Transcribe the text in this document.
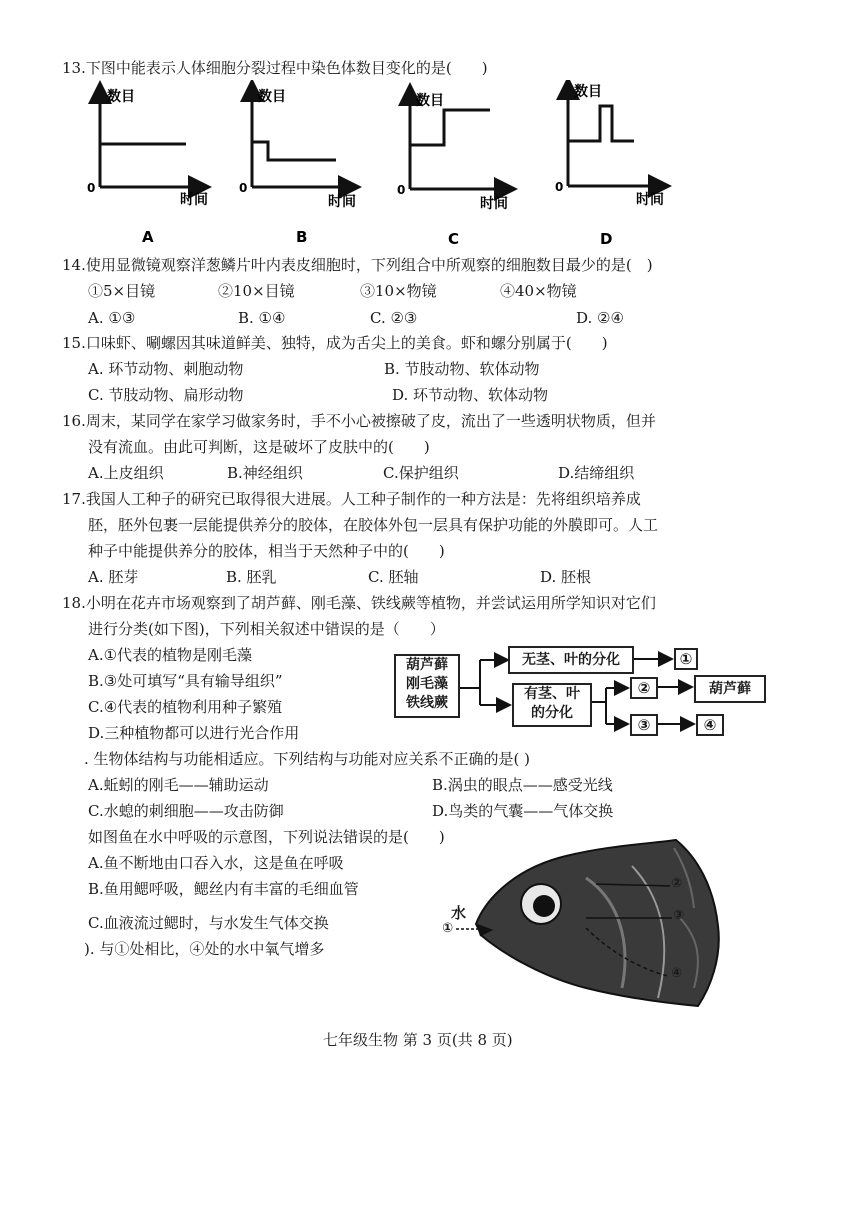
13.下图中能表示人体细胞分裂过程中染色体数目变化的是(　　)
数目
0
时间
A
数目
0
时间
B
数目
0
时间
C
数目
0
时间
D
14.使用显微镜观察洋葱鳞片叶内表皮细胞时，下列组合中所观察的细胞数目最少的是(　)
①5×目镜	②10×目镜	③10×物镜	④40×物镜
A. ①③	B. ①④	C. ②③	D. ②④
15.口味虾、唰螺因其味道鲜美、独特，成为舌尖上的美食。虾和螺分别属于(　　)
A. 环节动物、刺胞动物	B. 节肢动物、软体动物
C. 节肢动物、扁形动物	D. 环节动物、软体动物
16.周末，某同学在家学习做家务时，手不小心被擦破了皮，流出了一些透明状物质，但并
没有流血。由此可判断，这是破坏了皮肤中的(　　)
A.上皮组织	B.神经组织	C.保护组织	D.结缔组织
17.我国人工种子的研究已取得很大进展。人工种子制作的一种方法是：先将组织培养成
胚，胚外包裹一层能提供养分的胶体，在胶体外包一层具有保护功能的外膜即可。人工
种子中能提供养分的胶体，相当于天然种子中的(　　)
A. 胚芽	B. 胚乳	C. 胚轴	D. 胚根
18.小明在花卉市场观察到了胡芦藓、刚毛藻、铁线蕨等植物，并尝试运用所学知识对它们
进行分类(如下图)，下列相关叙述中错误的是（　　）
A.①代表的植物是刚毛藻
B.③处可填写“具有输导组织”
C.④代表的植物利用种子繁殖
D.三种植物都可以进行光合作用
葫芦藓
刚毛藻
铁线蕨
无茎、叶的分化
有茎、叶
的分化
①
②
③	④
葫芦藓
. 生物体结构与功能相适应。下列结构与功能对应关系不正确的是( )
A.蚯蚓的刚毛——辅助运动	B.涡虫的眼点——感受光线
C.水螅的刺细胞——攻击防御	D.鸟类的气囊——气体交换
如图鱼在水中呼吸的示意图，下列说法错误的是(　　)
A.鱼不断地由口吞入水，这是鱼在呼吸
B.鱼用鳃呼吸，鳃丝内有丰富的毛细血管
C.血液流过鳃时，与水发生气体交换
). 与①处相比，④处的水中氧气增多
水
①
②
③
④
七年级生物 第 3 页(共 8 页)
